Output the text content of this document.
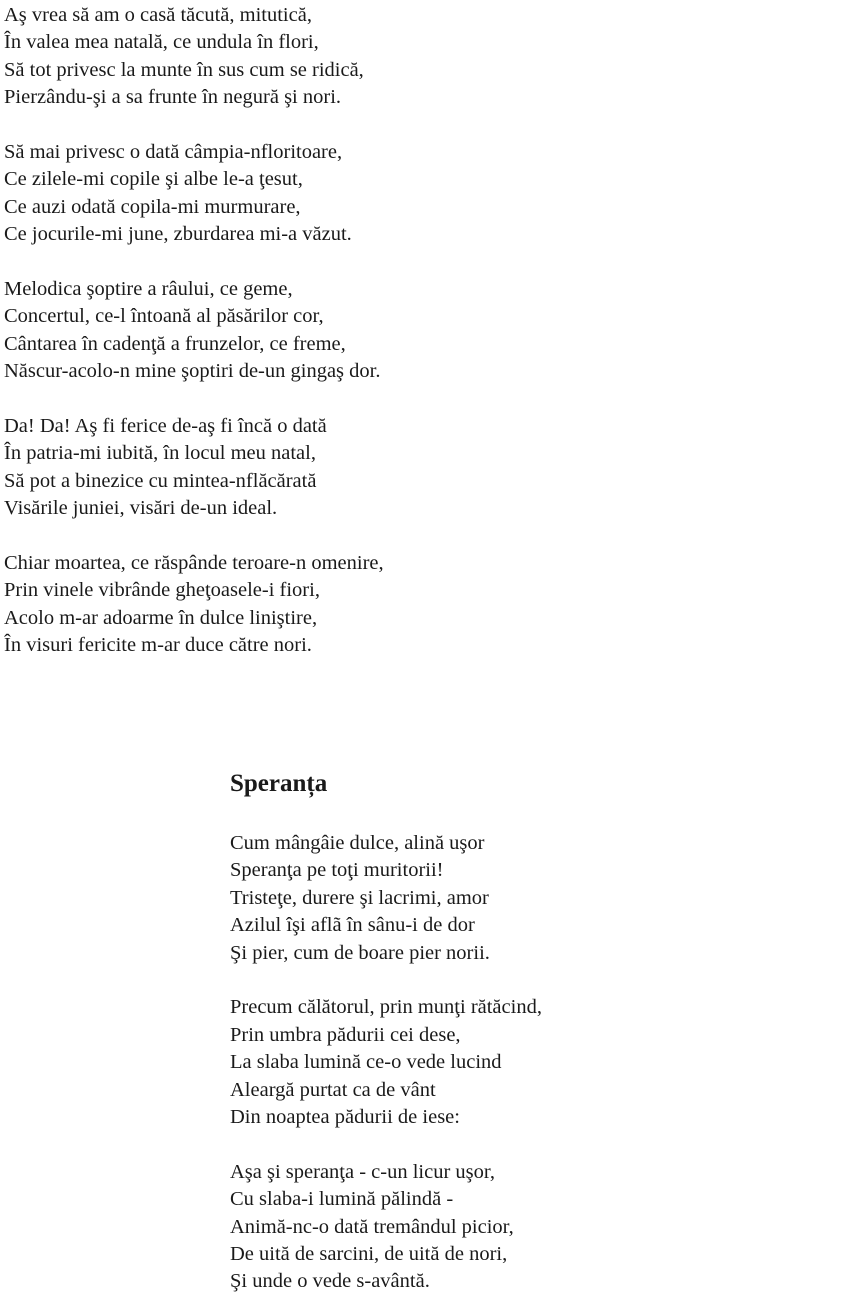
Aş vrea să am o casă tăcută, mitutică,
În valea mea natală, ce undula în flori,
Să tot privesc la munte în sus cum se ridică,
Pierzându-şi a sa frunte în negură şi nori.
Să mai privesc o dată câmpia-nfloritoare,
Ce zilele-mi copile şi albe le-a ţesut,
Ce auzi odată copila-mi murmurare,
Ce jocurile-mi june, zburdarea mi-a văzut.
Melodica şoptire a râului, ce geme,
Concertul, ce-l întoană al păsărilor cor,
Cântarea în cadenţă a frunzelor, ce freme,
Născur-acolo-n mine şoptiri de-un gingaş dor.
Da! Da! Aş fi ferice de-aş fi încă o dată
În patria-mi iubită, în locul meu natal,
Să pot a binezice cu mintea-nflăcărată
Visările juniei, visări de-un ideal.
Chiar moartea, ce răspânde teroare-n omenire,
Prin vinele vibrânde gheţoasele-i fiori,
Acolo m-ar adoarme în dulce liniştire,
În visuri fericite m-ar duce către nori.
Speranța
Cum mângâie dulce, alină uşor
Speranţa pe toţi muritorii!
Tristeţe, durere şi lacrimi, amor
Azilul îşi aflã în sânu-i de dor
Şi pier, cum de boare pier norii.
Precum călătorul, prin munţi rătăcind,
Prin umbra pădurii cei dese,
La slaba lumină ce-o vede lucind
Aleargă purtat ca de vânt
Din noaptea pădurii de iese:
Aşa şi speranţa - c-un licur uşor,
Cu slaba-i lumină pălindă -
Animă-nc-o dată tremândul picior,
De uită de sarcini, de uită de nori,
Şi unde o vede s-avântă.
